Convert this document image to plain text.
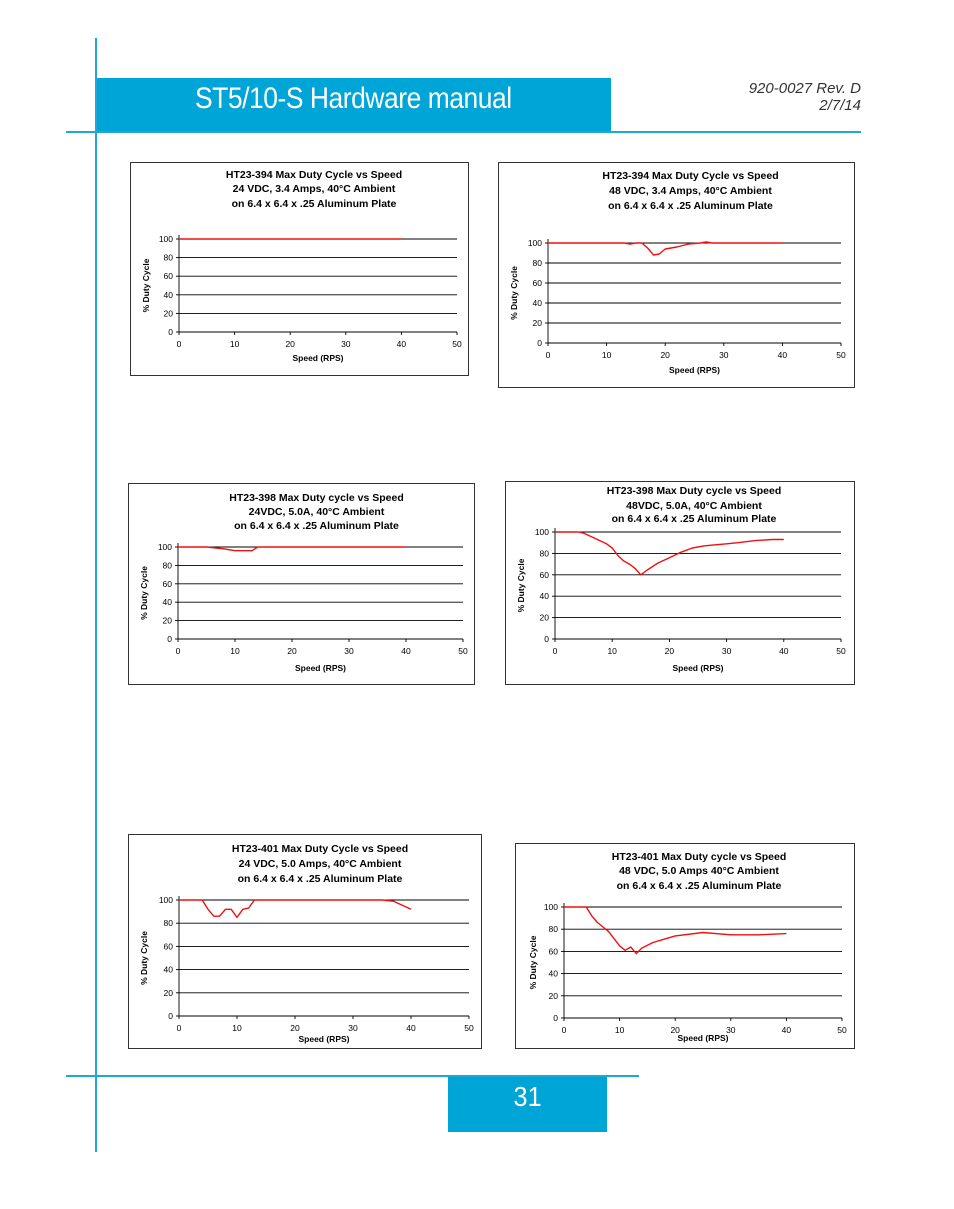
ST5/10-S Hardware manual	920-0027 Rev. D
2/7/14
HT23-394 Max Duty Cycle vs Speed
24 VDC, 3.4 Amps, 40°C Ambient
on 6.4 x 6.4 x .25 Aluminum Plate
0
20
40
60
80
100
0	10	20	30	40	50
Speed (RPS)
% Duty Cycle
HT23-394 Max Duty Cycle vs Speed
48 VDC, 3.4 Amps, 40°C Ambient
on 6.4 x 6.4 x .25 Aluminum Plate
0
20
40
60
80
100
0	10	20	30	40	50
Speed (RPS)
% Duty Cycle
HT23-398 Max Duty cycle vs Speed
24VDC, 5.0A, 40°C Ambient
on 6.4 x 6.4 x .25 Aluminum Plate
0
20
40
60
80
100
0	10	20	30	40	50
Speed (RPS)
% Duty Cycle
HT23-398 Max Duty cycle vs Speed
48VDC, 5.0A, 40°C Ambient
on 6.4 x 6.4 x .25 Aluminum Plate
0
20
40
60
80
100
0	10	20	30	40	50
Speed (RPS)
% Duty Cycle
HT23-401 Max Duty Cycle vs Speed
24 VDC, 5.0 Amps, 40°C Ambient
on 6.4 x 6.4 x .25 Aluminum Plate
0
20
40
60
80
100
0	10	20	30	40	50
Speed (RPS)
% Duty Cycle
HT23-401 Max Duty cycle vs Speed
48 VDC, 5.0 Amps 40°C Ambient
on 6.4 x 6.4 x .25 Aluminum Plate
0
20
40
60
80
100
0	10	20	30	40	50
Speed (RPS)
% Duty Cycle
31
